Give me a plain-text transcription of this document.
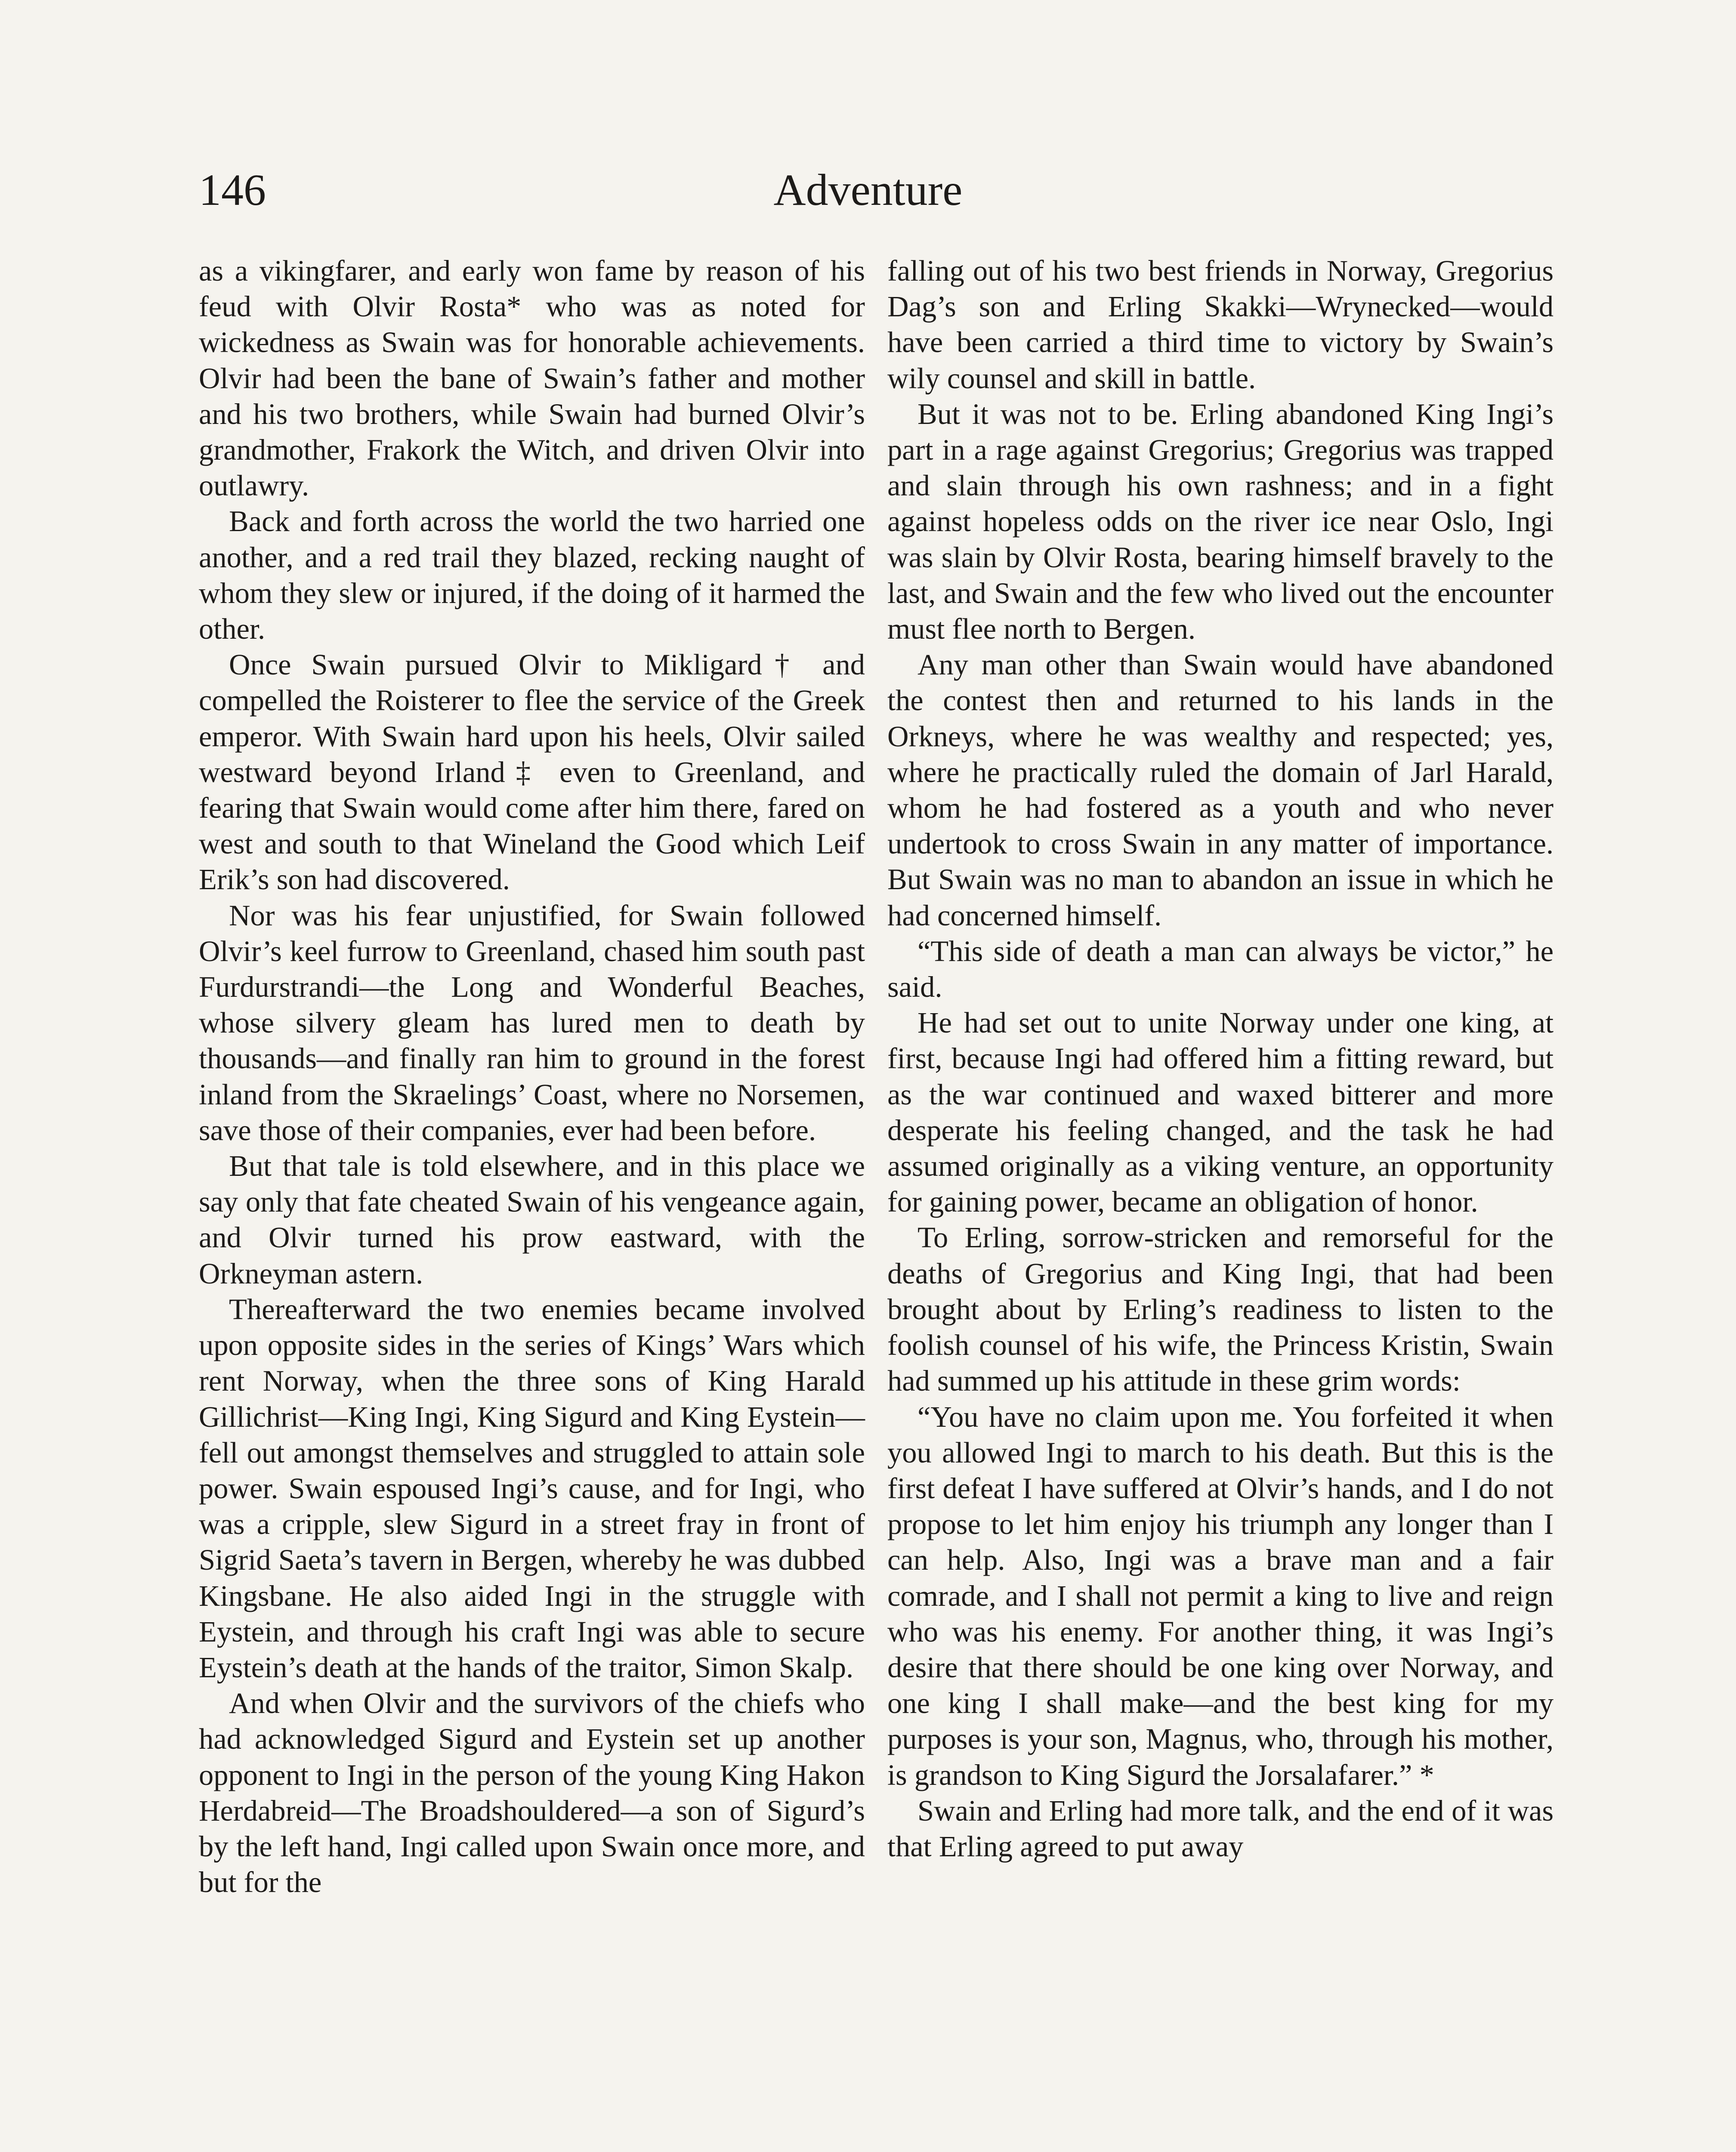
146	Adventure

as a vikingfarer, and early won fame by reason of his feud with Olvir Rosta* who was as noted for wickedness as Swain was for honorable achievements. Olvir had been the bane of Swain’s father and mother and his two brothers, while Swain had burned Olvir’s grandmother, Frakork the Witch, and driven Olvir into outlawry.

Back and forth across the world the two harried one another, and a red trail they blazed, recking naught of whom they slew or injured, if the doing of it harmed the other.

Once Swain pursued Olvir to Mikligard† and compelled the Roisterer to flee the service of the Greek emperor. With Swain hard upon his heels, Olvir sailed westward beyond Irland‡ even to Greenland, and fearing that Swain would come after him there, fared on west and south to that Wineland the Good which Leif Erik’s son had discovered.

Nor was his fear unjustified, for Swain followed Olvir’s keel furrow to Greenland, chased him south past Furdurstrandi—the Long and Wonderful Beaches, whose silvery gleam has lured men to death by thousands—and finally ran him to ground in the forest inland from the Skraelings’ Coast, where no Norsemen, save those of their companies, ever had been before.

But that tale is told elsewhere, and in this place we say only that fate cheated Swain of his vengeance again, and Olvir turned his prow eastward, with the Orkneyman astern.

Thereafterward the two enemies became involved upon opposite sides in the series of Kings’ Wars which rent Norway, when the three sons of King Harald Gillichrist—King Ingi, King Sigurd and King Eystein—fell out amongst themselves and struggled to attain sole power. Swain espoused Ingi’s cause, and for Ingi, who was a cripple, slew Sigurd in a street fray in front of Sigrid Saeta’s tavern in Bergen, whereby he was dubbed Kingsbane. He also aided Ingi in the struggle with Eystein, and through his craft Ingi was able to secure Eystein’s death at the hands of the traitor, Simon Skalp.

And when Olvir and the survivors of the chiefs who had acknowledged Sigurd and Eystein set up another opponent to Ingi in the person of the young King Hakon Herdabreid—The Broadshouldered—a son of Sigurd’s by the left hand, Ingi called upon Swain once more, and but for the

falling out of his two best friends in Norway, Gregorius Dag’s son and Erling Skakki—Wrynecked—would have been carried a third time to victory by Swain’s wily counsel and skill in battle.

But it was not to be. Erling abandoned King Ingi’s part in a rage against Gregorius; Gregorius was trapped and slain through his own rashness; and in a fight against hopeless odds on the river ice near Oslo, Ingi was slain by Olvir Rosta, bearing himself bravely to the last, and Swain and the few who lived out the encounter must flee north to Bergen.

Any man other than Swain would have abandoned the contest then and returned to his lands in the Orkneys, where he was wealthy and respected; yes, where he practically ruled the domain of Jarl Harald, whom he had fostered as a youth and who never undertook to cross Swain in any matter of importance. But Swain was no man to abandon an issue in which he had concerned himself.

“This side of death a man can always be victor,” he said.

He had set out to unite Norway under one king, at first, because Ingi had offered him a fitting reward, but as the war continued and waxed bitterer and more desperate his feeling changed, and the task he had assumed originally as a viking venture, an opportunity for gaining power, became an obligation of honor.

To Erling, sorrow-stricken and remorseful for the deaths of Gregorius and King Ingi, that had been brought about by Erling’s readiness to listen to the foolish counsel of his wife, the Princess Kristin, Swain had summed up his attitude in these grim words:

“You have no claim upon me. You forfeited it when you allowed Ingi to march to his death. But this is the first defeat I have suffered at Olvir’s hands, and I do not propose to let him enjoy his triumph any longer than I can help. Also, Ingi was a brave man and a fair comrade, and I shall not permit a king to live and reign who was his enemy. For another thing, it was Ingi’s desire that there should be one king over Norway, and one king I shall make—and the best king for my purposes is your son, Magnus, who, through his mother, is grandson to King Sigurd the Jorsalafarer.” *

Swain and Erling had more talk, and the end of it was that Erling agreed to put away
